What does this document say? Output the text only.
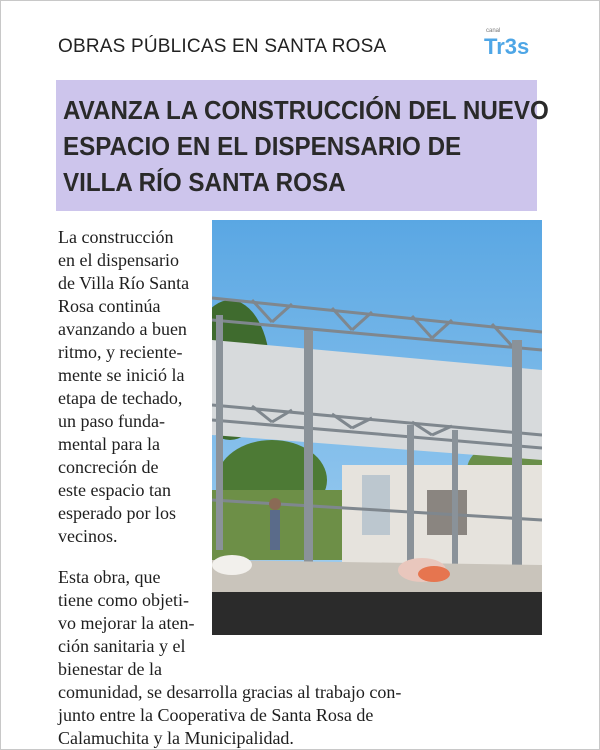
OBRAS PÚBLICAS EN SANTA ROSA
canal
Tr3s
AVANZA LA CONSTRUCCIÓN DEL NUEVO
ESPACIO EN EL DISPENSARIO DE
VILLA RÍO SANTA ROSA
La construcción
en el dispensario
de Villa Río Santa
Rosa continúa
avanzando a buen
ritmo, y reciente-
mente se inició la
etapa de techado,
un paso funda-
mental para la
concreción de
este espacio tan
esperado por los
vecinos.
Esta obra, que
tiene como objeti-
vo mejorar la aten-
ción sanitaria y el
bienestar de la
comunidad, se desarrolla gracias al trabajo con-
junto entre la Cooperativa de Santa Rosa de
Calamuchita y la Municipalidad.
